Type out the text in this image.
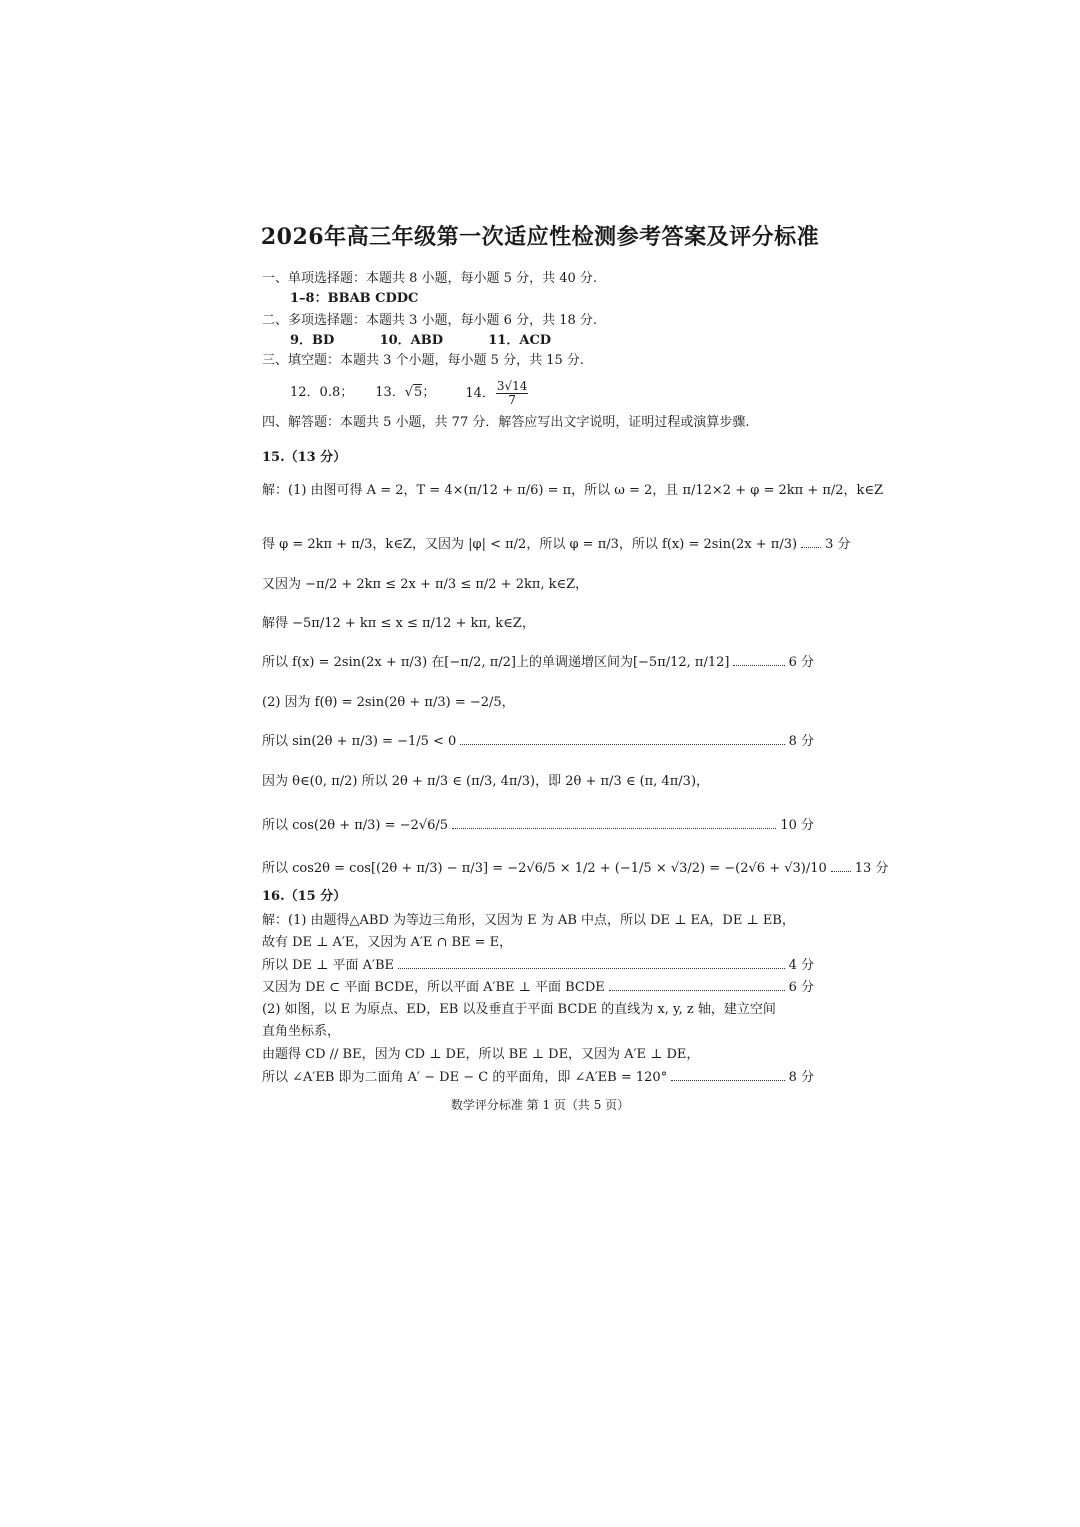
2026年高三年级第一次适应性检测参考答案及评分标准
一、单项选择题：本题共 8 小题，每小题 5 分，共 40 分.
1–8：BBAB CDDC
二、多项选择题：本题共 3 小题，每小题 6 分，共 18 分.
9．BD          10．ABD          11．ACD
三、填空题：本题共 3 个小题，每小题 5 分，共 15 分.
12．0.8； 13．√5； 14． $\frac{3√14}{7}$
四、解答题：本题共 5 小题，共 77 分．解答应写出文字说明，证明过程或演算步骤.
15.（13 分）
解：(1) 由图可得 A = 2，T = 4×(π/12 + π/6) = π，所以 ω = 2，且 π/12×2 + φ = 2kπ + π/2，k∈Z
得 φ = 2kπ + π/3，k∈Z，又因为 |φ| < π/2，所以 φ = π/3，所以 f(x) = 2sin(2x + π/3) 3 分
又因为 −π/2 + 2kπ ≤ 2x + π/3 ≤ π/2 + 2kπ, k∈Z，
解得 −5π/12 + kπ ≤ x ≤ π/12 + kπ, k∈Z，
所以 f(x) = 2sin(2x + π/3) 在[−π/2, π/2]上的单调递增区间为[−5π/12, π/12]	6 分
(2) 因为 f(θ) = 2sin(2θ + π/3) = −2/5，
所以 sin(2θ + π/3) = −1/5 < 0	8 分
因为 θ∈(0, π/2) 所以 2θ + π/3 ∈ (π/3, 4π/3)，即 2θ + π/3 ∈ (π, 4π/3)，
所以 cos(2θ + π/3) = −2√6/5	10 分
所以 cos2θ = cos[(2θ + π/3) − π/3] = −2√6/5 × 1/2 + (−1/5 × √3/2) = −(2√6 + √3)/10 13 分
16.（15 分）
解：(1) 由题得△ABD 为等边三角形，又因为 E 为 AB 中点，所以 DE ⊥ EA，DE ⊥ EB，
故有 DE ⊥ A′E，又因为 A′E ∩ BE = E，
所以 DE ⊥ 平面 A′BE	4 分
又因为 DE ⊂ 平面 BCDE，所以平面 A′BE ⊥ 平面 BCDE	6 分
(2) 如图，以 E 为原点、ED，EB 以及垂直于平面 BCDE 的直线为 x, y, z 轴，建立空间
直角坐标系，
由题得 CD // BE，因为 CD ⊥ DE，所以 BE ⊥ DE，又因为 A′E ⊥ DE，
所以 ∠A′EB 即为二面角 A′ − DE − C 的平面角，即 ∠A′EB = 120°	8 分
数学评分标准 第 1 页（共 5 页）
